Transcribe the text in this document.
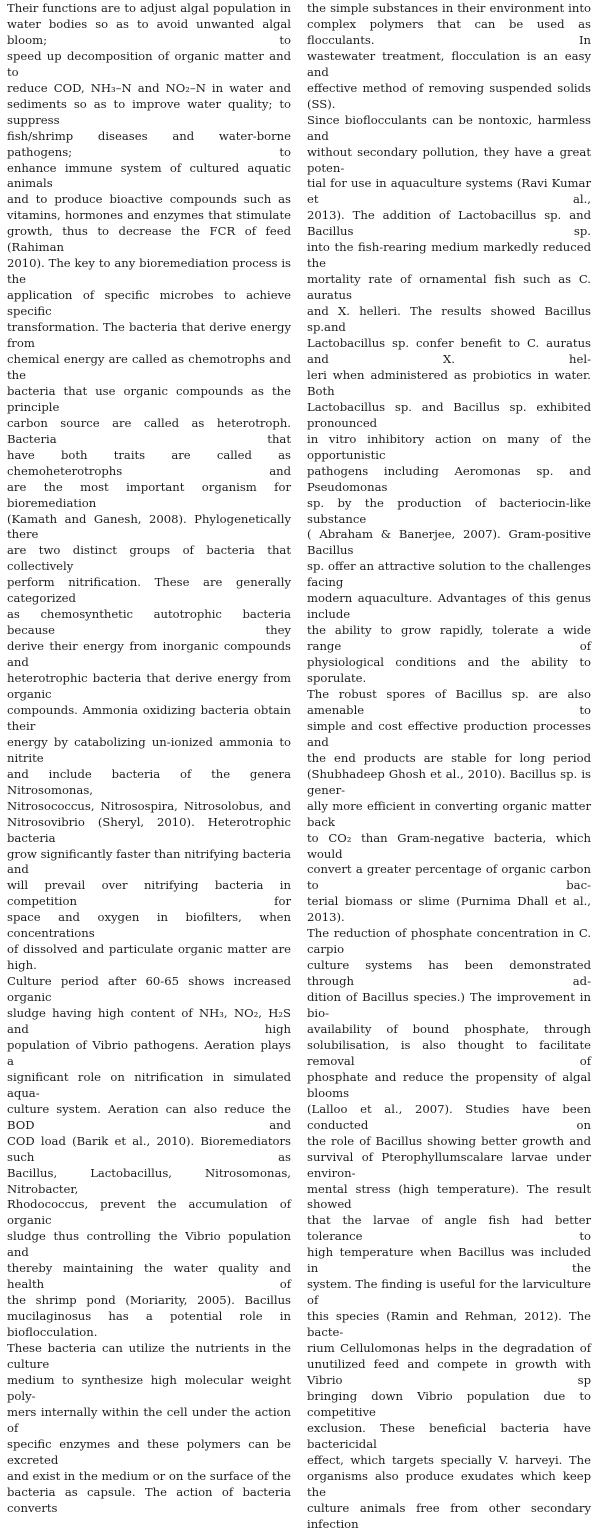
Their functions are to adjust algal population in
water bodies so as to avoid unwanted algal bloom; to
speed up decomposition of organic matter and to
reduce COD, NH₃–N and NO₂–N in water and
sediments so as to improve water quality; to suppress
fish/shrimp diseases and water-borne pathogens; to
enhance immune system of cultured aquatic animals
and to produce bioactive compounds such as
vitamins, hormones and enzymes that stimulate
growth, thus to decrease the FCR of feed (Rahiman
2010). The key to any bioremediation process is the
application of specific microbes to achieve specific
transformation. The bacteria that derive energy from
chemical energy are called as chemotrophs and the
bacteria that use organic compounds as the principle
carbon source are called as heterotroph. Bacteria that
have both traits are called as chemoheterotrophs and
are the most important organism for bioremediation
(Kamath and Ganesh, 2008). Phylogenetically there
are two distinct groups of bacteria that collectively
perform nitrification. These are generally categorized
as chemosynthetic autotrophic bacteria because they
derive their energy from inorganic compounds and
heterotrophic bacteria that derive energy from organic
compounds. Ammonia oxidizing bacteria obtain their
energy by catabolizing un-ionized ammonia to nitrite
and include bacteria of the genera Nitrosomonas,
Nitrosococcus, Nitrosospira, Nitrosolobus, and
Nitrosovibrio (Sheryl, 2010). Heterotrophic bacteria
grow significantly faster than nitrifying bacteria and
will prevail over nitrifying bacteria in competition for
space and oxygen in biofilters, when concentrations
of dissolved and particulate organic matter are high.
Culture period after 60-65 shows increased organic
sludge having high content of NH₃, NO₂, H₂S and high
population of Vibrio pathogens. Aeration plays a
significant role on nitrification in simulated aqua-
culture system. Aeration can also reduce the BOD and
COD load (Barik et al., 2010). Bioremediators such as
Bacillus, Lactobacillus, Nitrosomonas, Nitrobacter,
Rhodococcus, prevent the accumulation of organic
sludge thus controlling the Vibrio population and
thereby maintaining the water quality and health of
the shrimp pond (Moriarity, 2005). Bacillus
mucilaginosus has a potential role in bioflocculation.
These bacteria can utilize the nutrients in the culture
medium to synthesize high molecular weight poly-
mers internally within the cell under the action of
specific enzymes and these polymers can be excreted
and exist in the medium or on the surface of the
bacteria as capsule. The action of bacteria converts

the simple substances in their environment into
complex polymers that can be used as flocculants. In
wastewater treatment, flocculation is an easy and
effective method of removing suspended solids (SS).
Since bioflocculants can be nontoxic, harmless and
without secondary pollution, they have a great poten-
tial for use in aquaculture systems (Ravi Kumar et al.,
2013). The addition of Lactobacillus sp. and Bacillus sp.
into the fish-rearing medium markedly reduced the
mortality rate of ornamental fish such as C. auratus
and X. helleri. The results showed Bacillus sp.and
Lactobacillus sp. confer benefit to C. auratus and X. hel-
leri when administered as probiotics in water. Both
Lactobacillus sp. and Bacillus sp. exhibited pronounced
in vitro inhibitory action on many of the opportunistic
pathogens including Aeromonas sp. and Pseudomonas
sp. by the production of bacteriocin-like substance
( Abraham & Banerjee, 2007). Gram-positive Bacillus
sp. offer an attractive solution to the challenges facing
modern aquaculture. Advantages of this genus include
the ability to grow rapidly, tolerate a wide range of
physiological conditions and the ability to sporulate.
The robust spores of Bacillus sp. are also amenable to
simple and cost effective production processes and
the end products are stable for long period
(Shubhadeep Ghosh et al., 2010). Bacillus sp. is gener-
ally more efficient in converting organic matter back
to CO₂ than Gram-negative bacteria, which would
convert a greater percentage of organic carbon to bac-
terial biomass or slime (Purnima Dhall et al., 2013).
The reduction of phosphate concentration in C. carpio
culture systems has been demonstrated through ad-
dition of Bacillus species.) The improvement in bio-
availability of bound phosphate, through
solubilisation, is also thought to facilitate removal of
phosphate and reduce the propensity of algal blooms
(Lalloo et al., 2007). Studies have been conducted on
the role of Bacillus showing better growth and
survival of Pterophyllumscalare larvae under environ-
mental stress (high temperature). The result showed
that the larvae of angle fish had better tolerance to
high temperature when Bacillus was included in the
system. The finding is useful for the larviculture of
this species (Ramin and Rehman, 2012). The bacte-
rium Cellulomonas helps in the degradation of
unutilized feed and compete in growth with Vibrio sp
bringing down Vibrio population due to competitive
exclusion. These beneficial bacteria have bactericidal
effect, which targets specially V. harveyi. The
organisms also produce exudates which keep the
culture animals free from other secondary infection
